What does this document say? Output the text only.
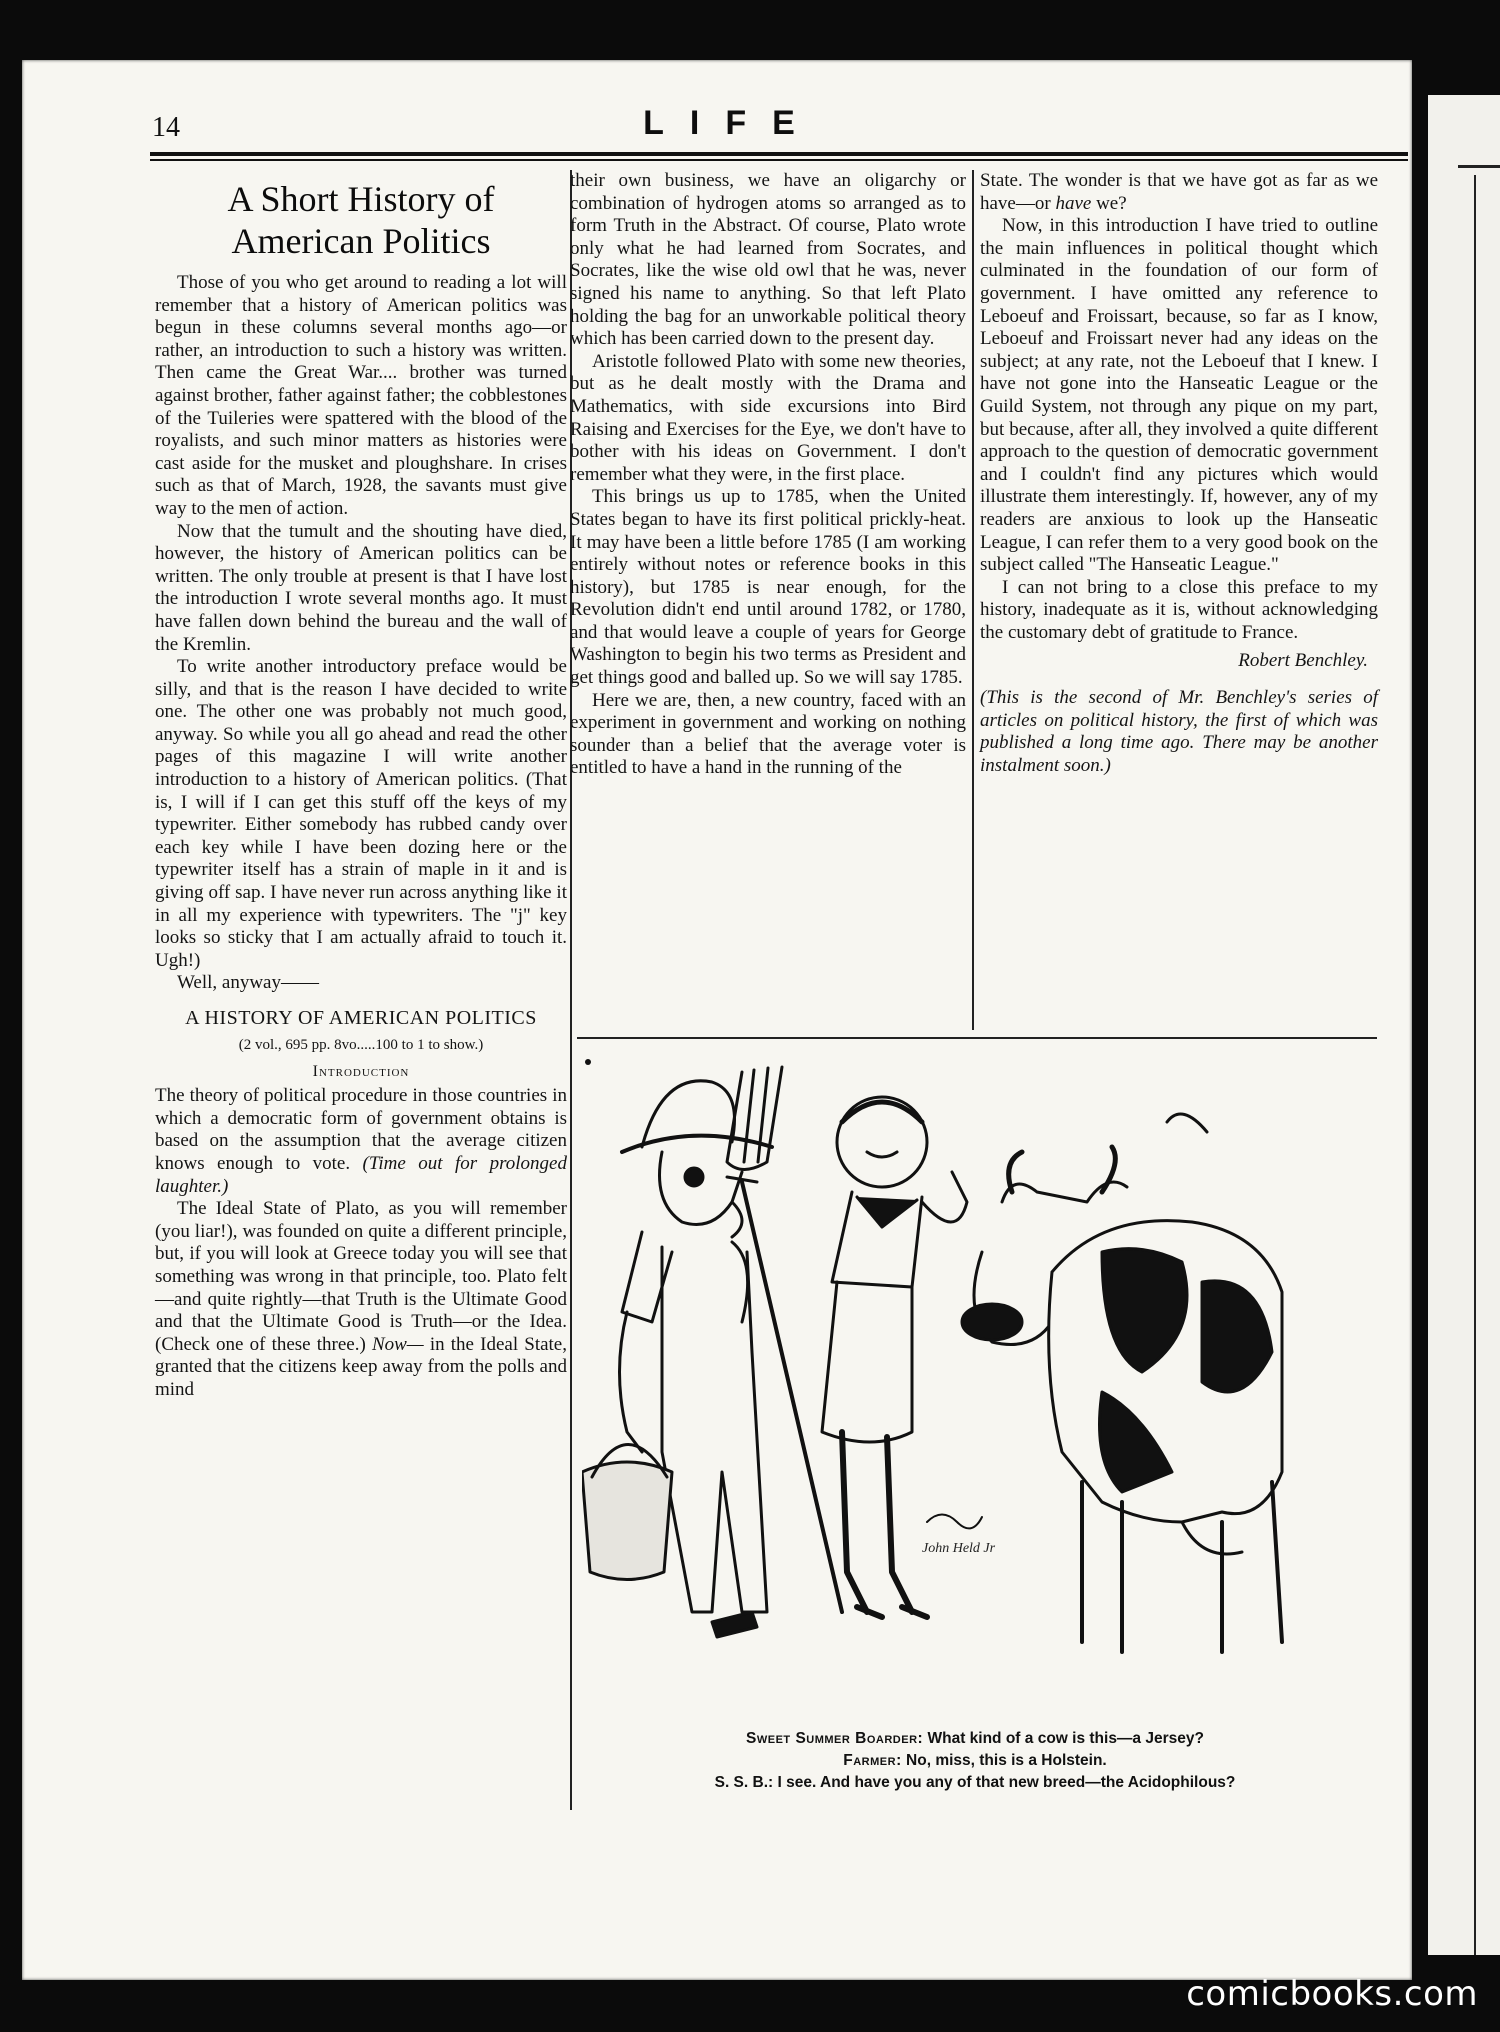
14	LIFE
A Short History of
American Politics

Those of you who get around to reading a lot will remember that a history of American politics was begun in these columns several months ago—or rather, an introduction to such a history was written. Then came the Great War.... brother was turned against brother, father against father; the cobblestones of the Tuileries were spattered with the blood of the royalists, and such minor matters as histories were cast aside for the musket and ploughshare. In crises such as that of March, 1928, the savants must give way to the men of action.

Now that the tumult and the shouting have died, however, the history of American politics can be written. The only trouble at present is that I have lost the introduction I wrote several months ago. It must have fallen down behind the bureau and the wall of the Kremlin.

To write another introductory preface would be silly, and that is the reason I have decided to write one. The other one was probably not much good, anyway. So while you all go ahead and read the other pages of this magazine I will write another introduction to a history of American politics. (That is, I will if I can get this stuff off the keys of my typewriter. Either somebody has rubbed candy over each key while I have been dozing here or the typewriter itself has a strain of maple in it and is giving off sap. I have never run across anything like it in all my experience with typewriters. The "j" key looks so sticky that I am actually afraid to touch it. Ugh!)

Well, anyway——

A HISTORY OF AMERICAN POLITICS
(2 vol., 695 pp. 8vo.....100 to 1 to show.)
Introduction

The theory of political procedure in those countries in which a democratic form of government obtains is based on the assumption that the average citizen knows enough to vote. (Time out for prolonged laughter.)

The Ideal State of Plato, as you will remember (you liar!), was founded on quite a different principle, but, if you will look at Greece today you will see that something was wrong in that principle, too. Plato felt—and quite rightly—that Truth is the Ultimate Good and that the Ultimate Good is Truth—or the Idea. (Check one of these three.) Now— in the Ideal State, granted that the citizens keep away from the polls and mind

their own business, we have an oligarchy or combination of hydrogen atoms so arranged as to form Truth in the Abstract. Of course, Plato wrote only what he had learned from Socrates, and Socrates, like the wise old owl that he was, never signed his name to anything. So that left Plato holding the bag for an unworkable political theory which has been carried down to the present day.

Aristotle followed Plato with some new theories, but as he dealt mostly with the Drama and Mathematics, with side excursions into Bird Raising and Exercises for the Eye, we don't have to bother with his ideas on Government. I don't remember what they were, in the first place.

This brings us up to 1785, when the United States began to have its first political prickly-heat. It may have been a little before 1785 (I am working entirely without notes or reference books in this history), but 1785 is near enough, for the Revolution didn't end until around 1782, or 1780, and that would leave a couple of years for George Washington to begin his two terms as President and get things good and balled up. So we will say 1785.

Here we are, then, a new country, faced with an experiment in government and working on nothing sounder than a belief that the average voter is entitled to have a hand in the running of the

State. The wonder is that we have got as far as we have—or have we?

Now, in this introduction I have tried to outline the main influences in political thought which culminated in the foundation of our form of government. I have omitted any reference to Leboeuf and Froissart, because, so far as I know, Leboeuf and Froissart never had any ideas on the subject; at any rate, not the Leboeuf that I knew. I have not gone into the Hanseatic League or the Guild System, not through any pique on my part, but because, after all, they involved a quite different approach to the question of democratic government and I couldn't find any pictures which would illustrate them interestingly. If, however, any of my readers are anxious to look up the Hanseatic League, I can refer them to a very good book on the subject called "The Hanseatic League."

I can not bring to a close this preface to my history, inadequate as it is, without acknowledging the customary debt of gratitude to France.

Robert Benchley.

(This is the second of Mr. Benchley's series of articles on political history, the first of which was published a long time ago. There may be another instalment soon.)

John Held Jr
Sweet Summer Boarder: What kind of a cow is this—a Jersey?
Farmer: No, miss, this is a Holstein.
S. S. B.: I see. And have you any of that new breed—the Acidophilous?
comicbooks.com
